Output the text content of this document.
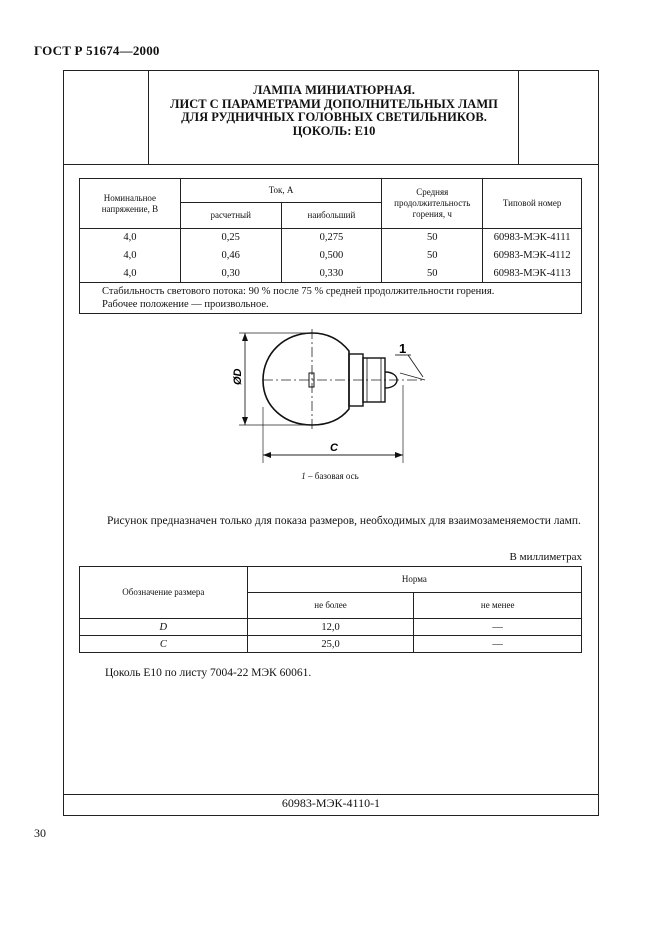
ГОСТ Р 51674—2000
ЛАМПА МИНИАТЮРНАЯ.
ЛИСТ С ПАРАМЕТРАМИ ДОПОЛНИТЕЛЬНЫХ ЛАМП
ДЛЯ РУДНИЧНЫХ ГОЛОВНЫХ СВЕТИЛЬНИКОВ.
ЦОКОЛЬ: Е10
Номинальное напряжение, В	Ток, А		Средняя продолжительность горения, ч	Типовой номер
	расчетный	наибольший		
4,0	0,25	0,275	50	60983-МЭК-4111
4,0	0,46	0,500	50	60983-МЭК-4112
4,0	0,30	0,330	50	60983-МЭК-4113

Стабильность светового потока: 90 % после 75 % средней продолжительности горения.
Рабочее положение — произвольное.				
ØD
C
1
1 – базовая ось
Рисунок предназначен только для показа размеров, необходимых для взаимозаменяемости ламп.
В миллиметрах
Обозначение размера	Норма	
	не более	не менее
D	12,0	—
C	25,0	—
Цоколь E10 по листу 7004-22 МЭК 60061.
60983-МЭК-4110-1
30
